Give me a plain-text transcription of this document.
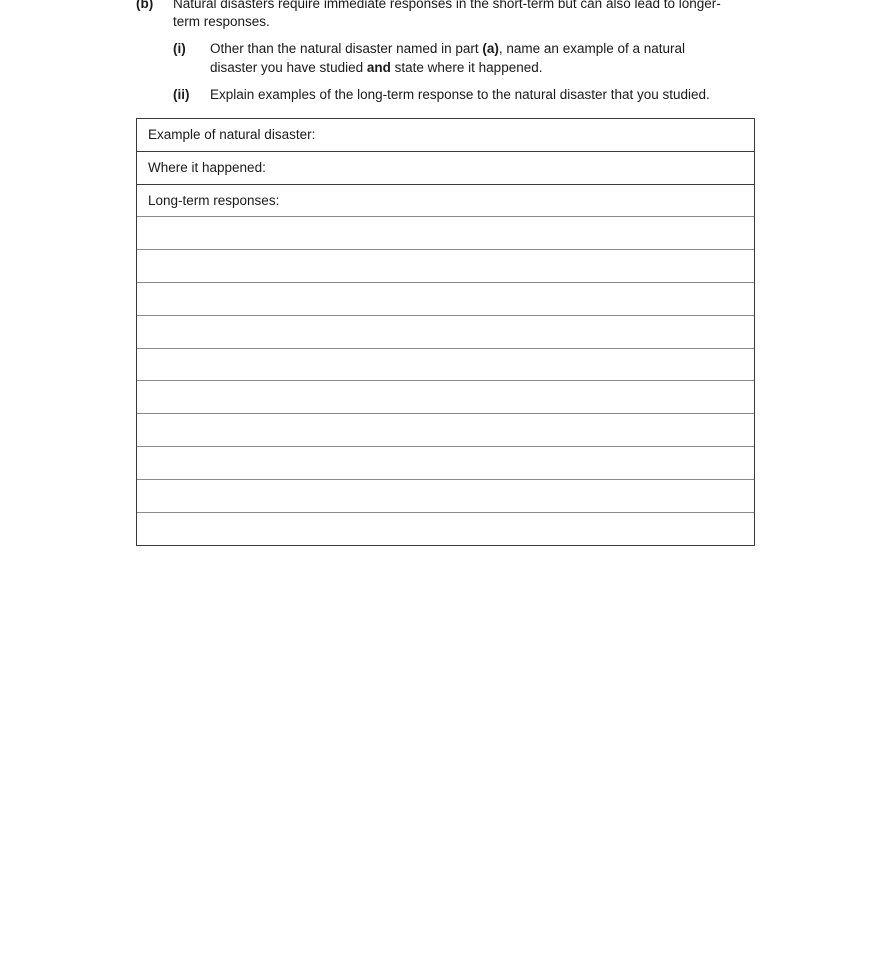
(b) Natural disasters require immediate responses in the short-term but can also lead to longer-
term responses.
(i) Other than the natural disaster named in part (a), name an example of a natural
disaster you have studied and state where it happened.
(ii) Explain examples of the long-term response to the natural disaster that you studied.
Example of natural disaster:
Where it happened:
Long-term responses:
